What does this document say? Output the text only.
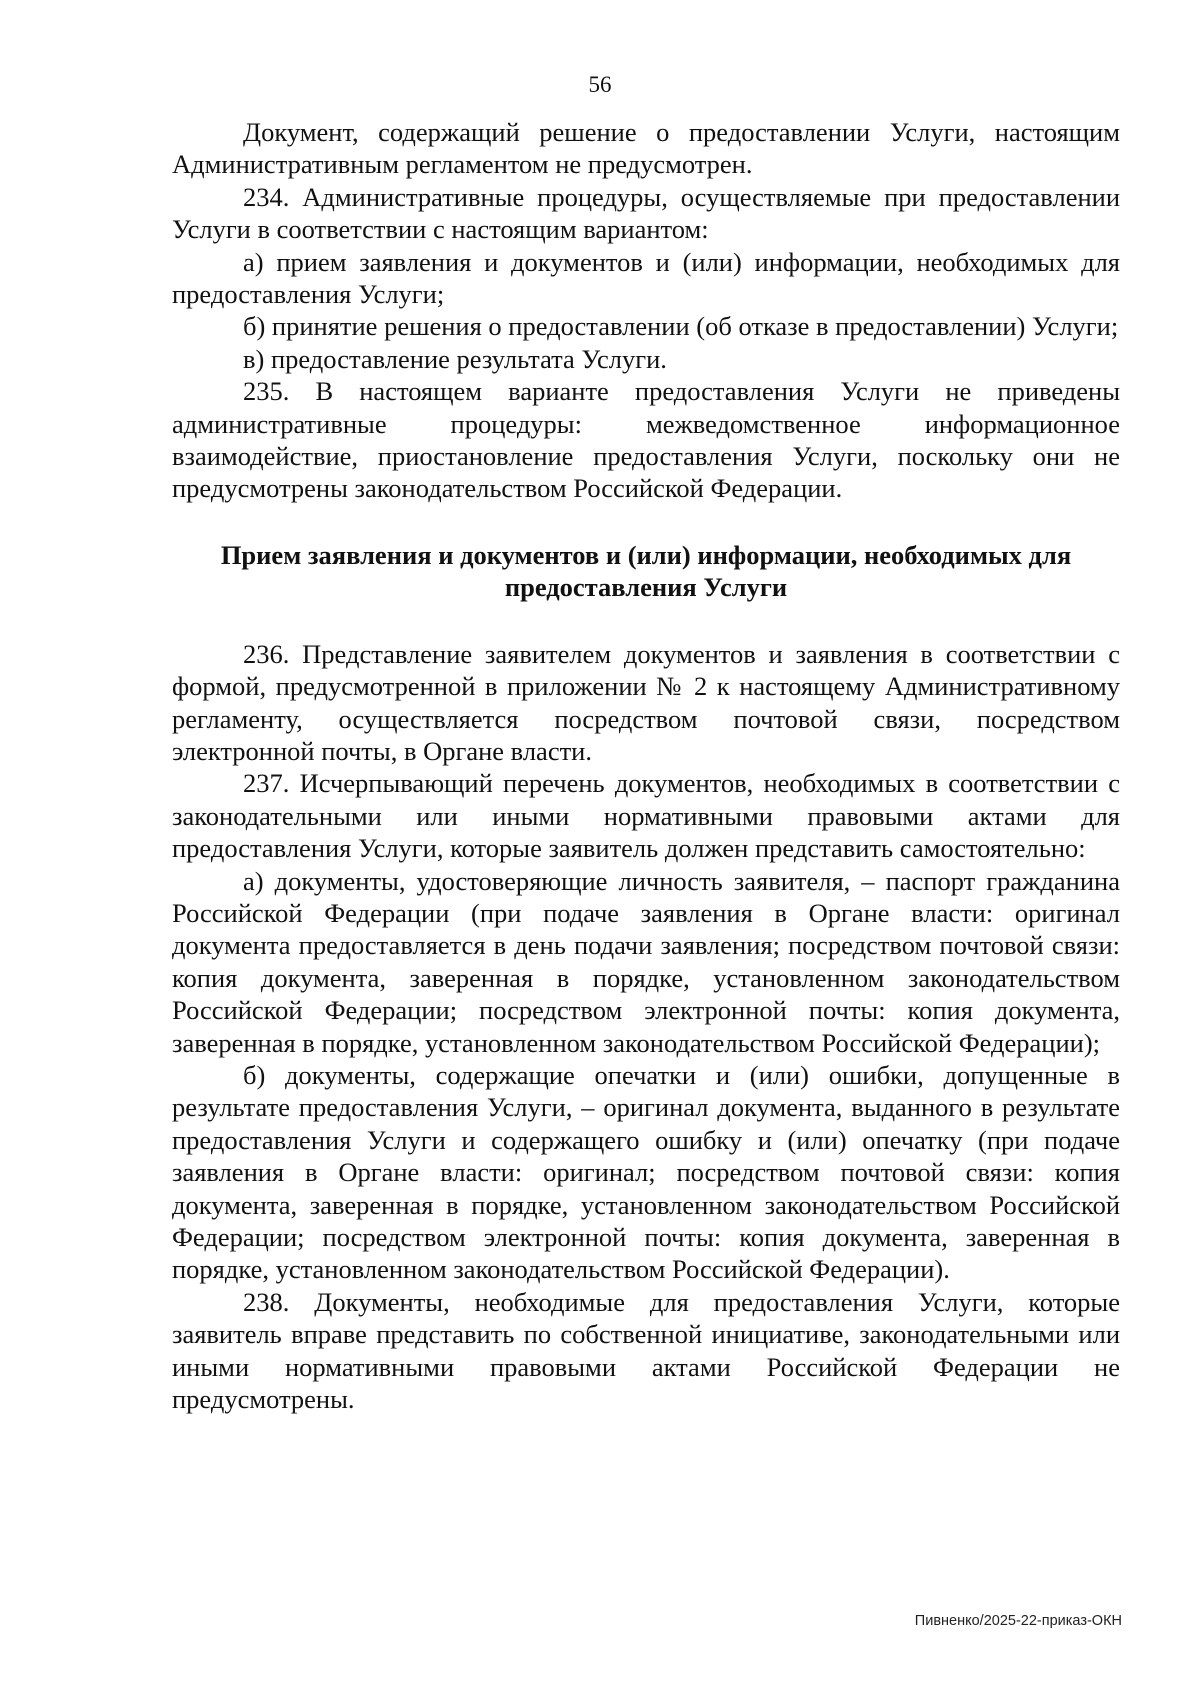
56

Документ, содержащий решение о предоставлении Услуги, настоящим Административным регламентом не предусмотрен.

234. Административные процедуры, осуществляемые при предоставлении Услуги в соответствии с настоящим вариантом:

а) прием заявления и документов и (или) информации, необходимых для предоставления Услуги;

б) принятие решения о предоставлении (об отказе в предоставлении) Услуги;

в) предоставление результата Услуги.

235. В настоящем варианте предоставления Услуги не приведены административные процедуры: межведомственное информационное взаимодействие, приостановление предоставления Услуги, поскольку они не предусмотрены законодательством Российской Федерации.

Прием заявления и документов и (или) информации, необходимых для предоставления Услуги

236. Представление заявителем документов и заявления в соответствии с формой, предусмотренной в приложении № 2 к настоящему Административному регламенту, осуществляется посредством почтовой связи, посредством электронной почты, в Органе власти.

237. Исчерпывающий перечень документов, необходимых в соответствии с законодательными или иными нормативными правовыми актами для предоставления Услуги, которые заявитель должен представить самостоятельно:

а) документы, удостоверяющие личность заявителя, – паспорт гражданина Российской Федерации (при подаче заявления в Органе власти: оригинал документа предоставляется в день подачи заявления; посредством почтовой связи: копия документа, заверенная в порядке, установленном законодательством Российской Федерации; посредством электронной почты: копия документа, заверенная в порядке, установленном законодательством Российской Федерации);

б) документы, содержащие опечатки и (или) ошибки, допущенные в результате предоставления Услуги, – оригинал документа, выданного в результате предоставления Услуги и содержащего ошибку и (или) опечатку (при подаче заявления в Органе власти: оригинал; посредством почтовой связи: копия документа, заверенная в порядке, установленном законодательством Российской Федерации; посредством электронной почты: копия документа, заверенная в порядке, установленном законодательством Российской Федерации).

238. Документы, необходимые для предоставления Услуги, которые заявитель вправе представить по собственной инициативе, законодательными или иными нормативными правовыми актами Российской Федерации не предусмотрены.

Пивненко/2025-22-приказ-ОКН
